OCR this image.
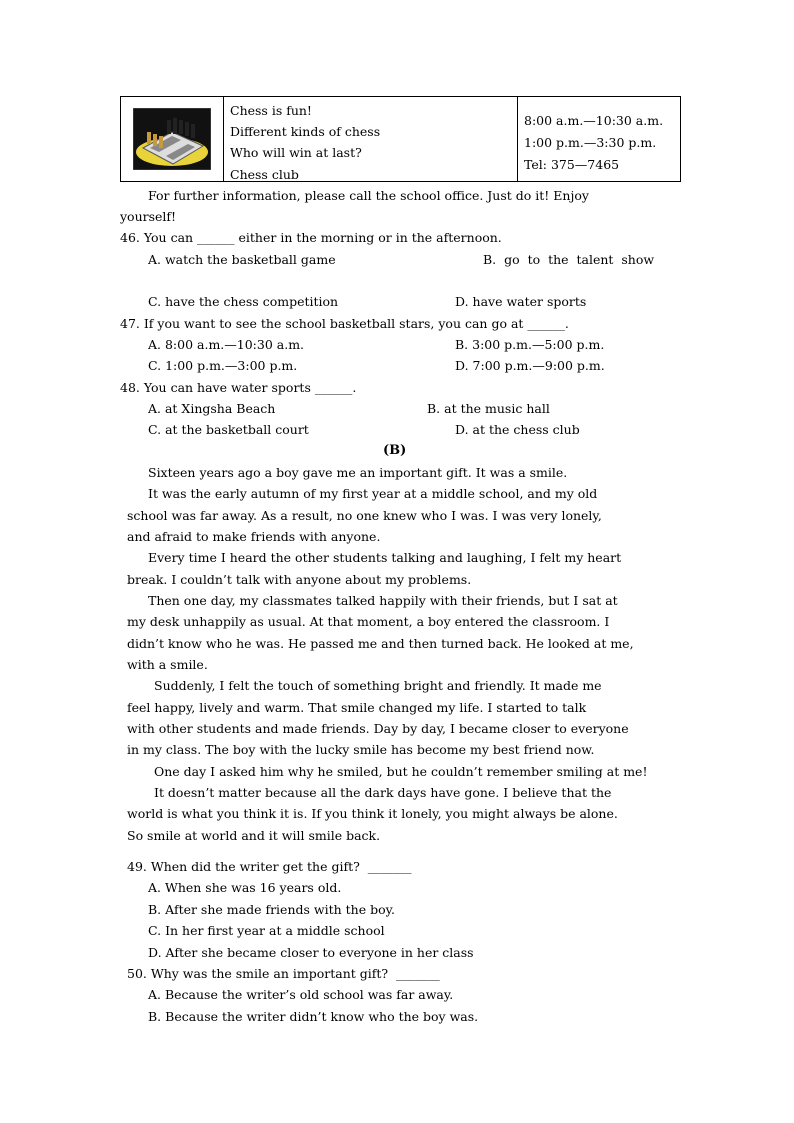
Chess is fun!
Different kinds of chess
Who will win at last?
Chess club
8:00 a.m.—10:30 a.m.
1:00 p.m.—3:30 p.m.
Tel: 375—7465
For further information, please call the school office. Just do it! Enjoy
yourself!
46. You can ______ either in the morning or in the afternoon.
A. watch the basketball game	B.  go  to  the  talent  show
C. have the chess competition	D. have water sports
47. If you want to see the school basketball stars, you can go at ______.
A. 8:00 a.m.—10:30 a.m.	B. 3:00 p.m.—5:00 p.m.
C. 1:00 p.m.—3:00 p.m.	D. 7:00 p.m.—9:00 p.m.
48. You can have water sports ______.
A. at Xingsha Beach	B. at the music hall
C. at the basketball court	D. at the chess club
(B)
Sixteen years ago a boy gave me an important gift. It was a smile.
It was the early autumn of my first year at a middle school, and my old
school was far away. As a result, no one knew who I was. I was very lonely,
and afraid to make friends with anyone.
Every time I heard the other students talking and laughing, I felt my heart
break. I couldn’t talk with anyone about my problems.
Then one day, my classmates talked happily with their friends, but I sat at
my desk unhappily as usual. At that moment, a boy entered the classroom. I
didn’t know who he was. He passed me and then turned back. He looked at me,
with a smile.
Suddenly, I felt the touch of something bright and friendly. It made me
feel happy, lively and warm. That smile changed my life. I started to talk
with other students and made friends. Day by day, I became closer to everyone
in my class. The boy with the lucky smile has become my best friend now.
One day I asked him why he smiled, but he couldn’t remember smiling at me!
It doesn’t matter because all the dark days have gone. I believe that the
world is what you think it is. If you think it lonely, you might always be alone.
So smile at world and it will smile back.
49. When did the writer get the gift?  _______
A. When she was 16 years old.
B. After she made friends with the boy.
C. In her first year at a middle school
D. After she became closer to everyone in her class
50. Why was the smile an important gift?  _______
A. Because the writer’s old school was far away.
B. Because the writer didn’t know who the boy was.
